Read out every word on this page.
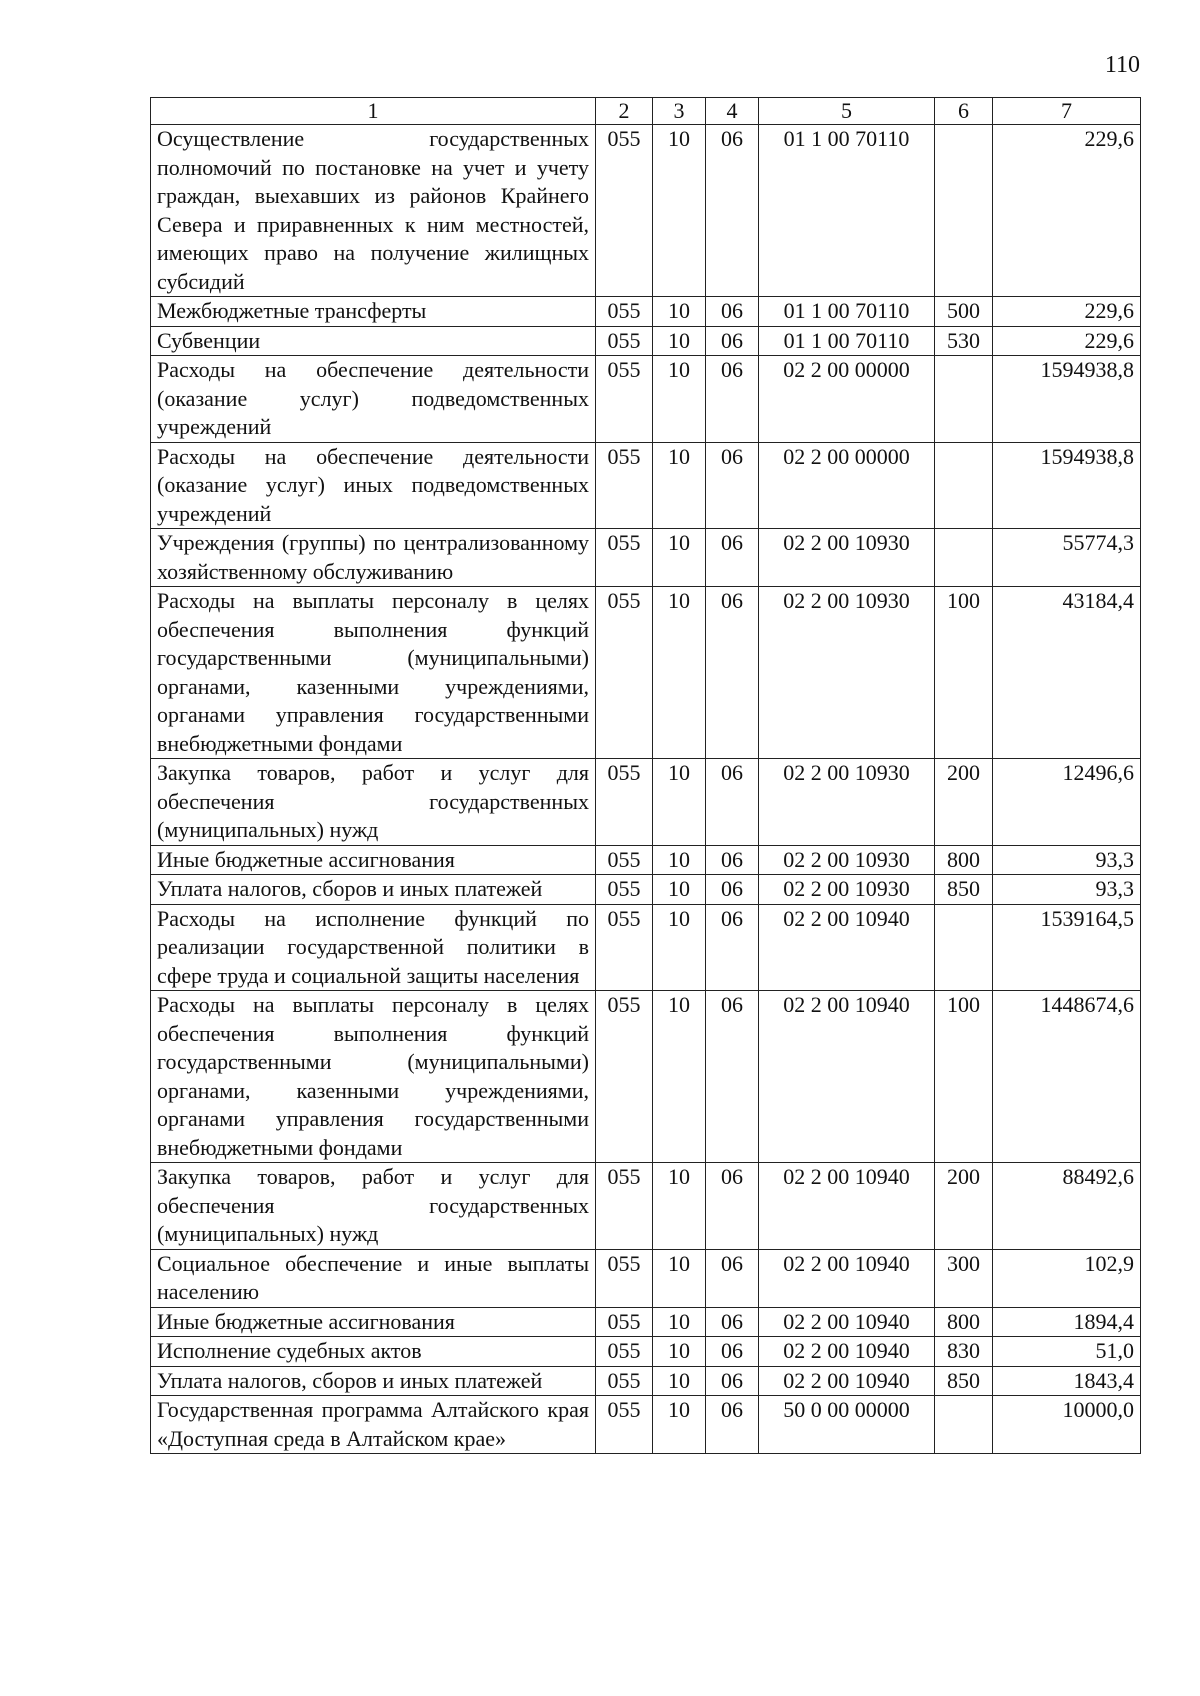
110
1	2	3	4	5	6	7
Осуществление государственных полномочий по постановке на учет и учету граждан, выехавших из районов Крайнего Севера и приравненных к ним местностей, имеющих право на получение жилищных субсидий	055	10	06	01 1 00 70110		229,6
Межбюджетные трансферты	055	10	06	01 1 00 70110	500	229,6
Субвенции	055	10	06	01 1 00 70110	530	229,6
Расходы на обеспечение деятельности (оказание услуг) подведомственных учреждений	055	10	06	02 2 00 00000		1594938,8
Расходы на обеспечение деятельности (оказание услуг) иных подведомственных учреждений	055	10	06	02 2 00 00000		1594938,8
Учреждения (группы) по централизованному хозяйственному обслуживанию	055	10	06	02 2 00 10930		55774,3
Расходы на выплаты персоналу в целях обеспечения выполнения функций государственными (муниципальными) органами, казенными учреждениями, органами управления государственными внебюджетными фондами	055	10	06	02 2 00 10930	100	43184,4
Закупка товаров, работ и услуг для обеспечения государственных (муниципальных) нужд	055	10	06	02 2 00 10930	200	12496,6
Иные бюджетные ассигнования	055	10	06	02 2 00 10930	800	93,3
Уплата налогов, сборов и иных платежей	055	10	06	02 2 00 10930	850	93,3
Расходы на исполнение функций по реализации государственной политики в сфере труда и социальной защиты населения	055	10	06	02 2 00 10940		1539164,5
Расходы на выплаты персоналу в целях обеспечения выполнения функций государственными (муниципальными) органами, казенными учреждениями, органами управления государственными внебюджетными фондами	055	10	06	02 2 00 10940	100	1448674,6
Закупка товаров, работ и услуг для обеспечения государственных (муниципальных) нужд	055	10	06	02 2 00 10940	200	88492,6
Социальное обеспечение и иные выплаты населению	055	10	06	02 2 00 10940	300	102,9
Иные бюджетные ассигнования	055	10	06	02 2 00 10940	800	1894,4
Исполнение судебных актов	055	10	06	02 2 00 10940	830	51,0
Уплата налогов, сборов и иных платежей	055	10	06	02 2 00 10940	850	1843,4
Государственная программа Алтайского края «Доступная среда в Алтайском крае»	055	10	06	50 0 00 00000		10000,0
